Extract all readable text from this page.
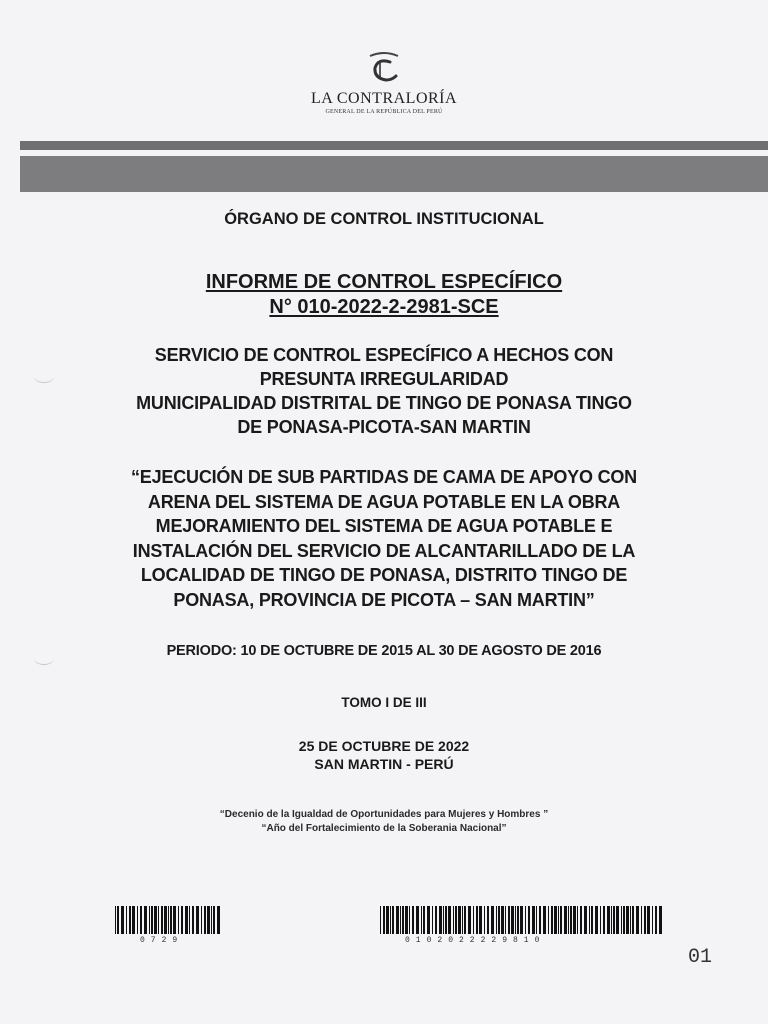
LA CONTRALORÍA
GENERAL DE LA REPÚBLICA DEL PERÚ
ÓRGANO DE CONTROL INSTITUCIONAL
INFORME DE CONTROL ESPECÍFICO
N° 010-2022-2-2981-SCE
SERVICIO DE CONTROL ESPECÍFICO A HECHOS CON
PRESUNTA IRREGULARIDAD
MUNICIPALIDAD DISTRITAL DE TINGO DE PONASA TINGO
DE PONASA-PICOTA-SAN MARTIN
“EJECUCIÓN DE SUB PARTIDAS DE CAMA DE APOYO CON
ARENA DEL SISTEMA DE AGUA POTABLE EN LA OBRA
MEJORAMIENTO DEL SISTEMA DE AGUA POTABLE E
INSTALACIÓN DEL SERVICIO DE ALCANTARILLADO DE LA
LOCALIDAD DE TINGO DE PONASA, DISTRITO TINGO DE
PONASA, PROVINCIA DE PICOTA – SAN MARTIN”
PERIODO: 10 DE OCTUBRE DE 2015 AL 30 DE AGOSTO DE 2016
TOMO I DE III
25 DE OCTUBRE DE 2022
SAN MARTIN - PERÚ
“Decenio de la Igualdad de Oportunidades para Mujeres y Hombres ”
“Año del Fortalecimiento de la Soberania Nacional”
0729	0102022229810
01
